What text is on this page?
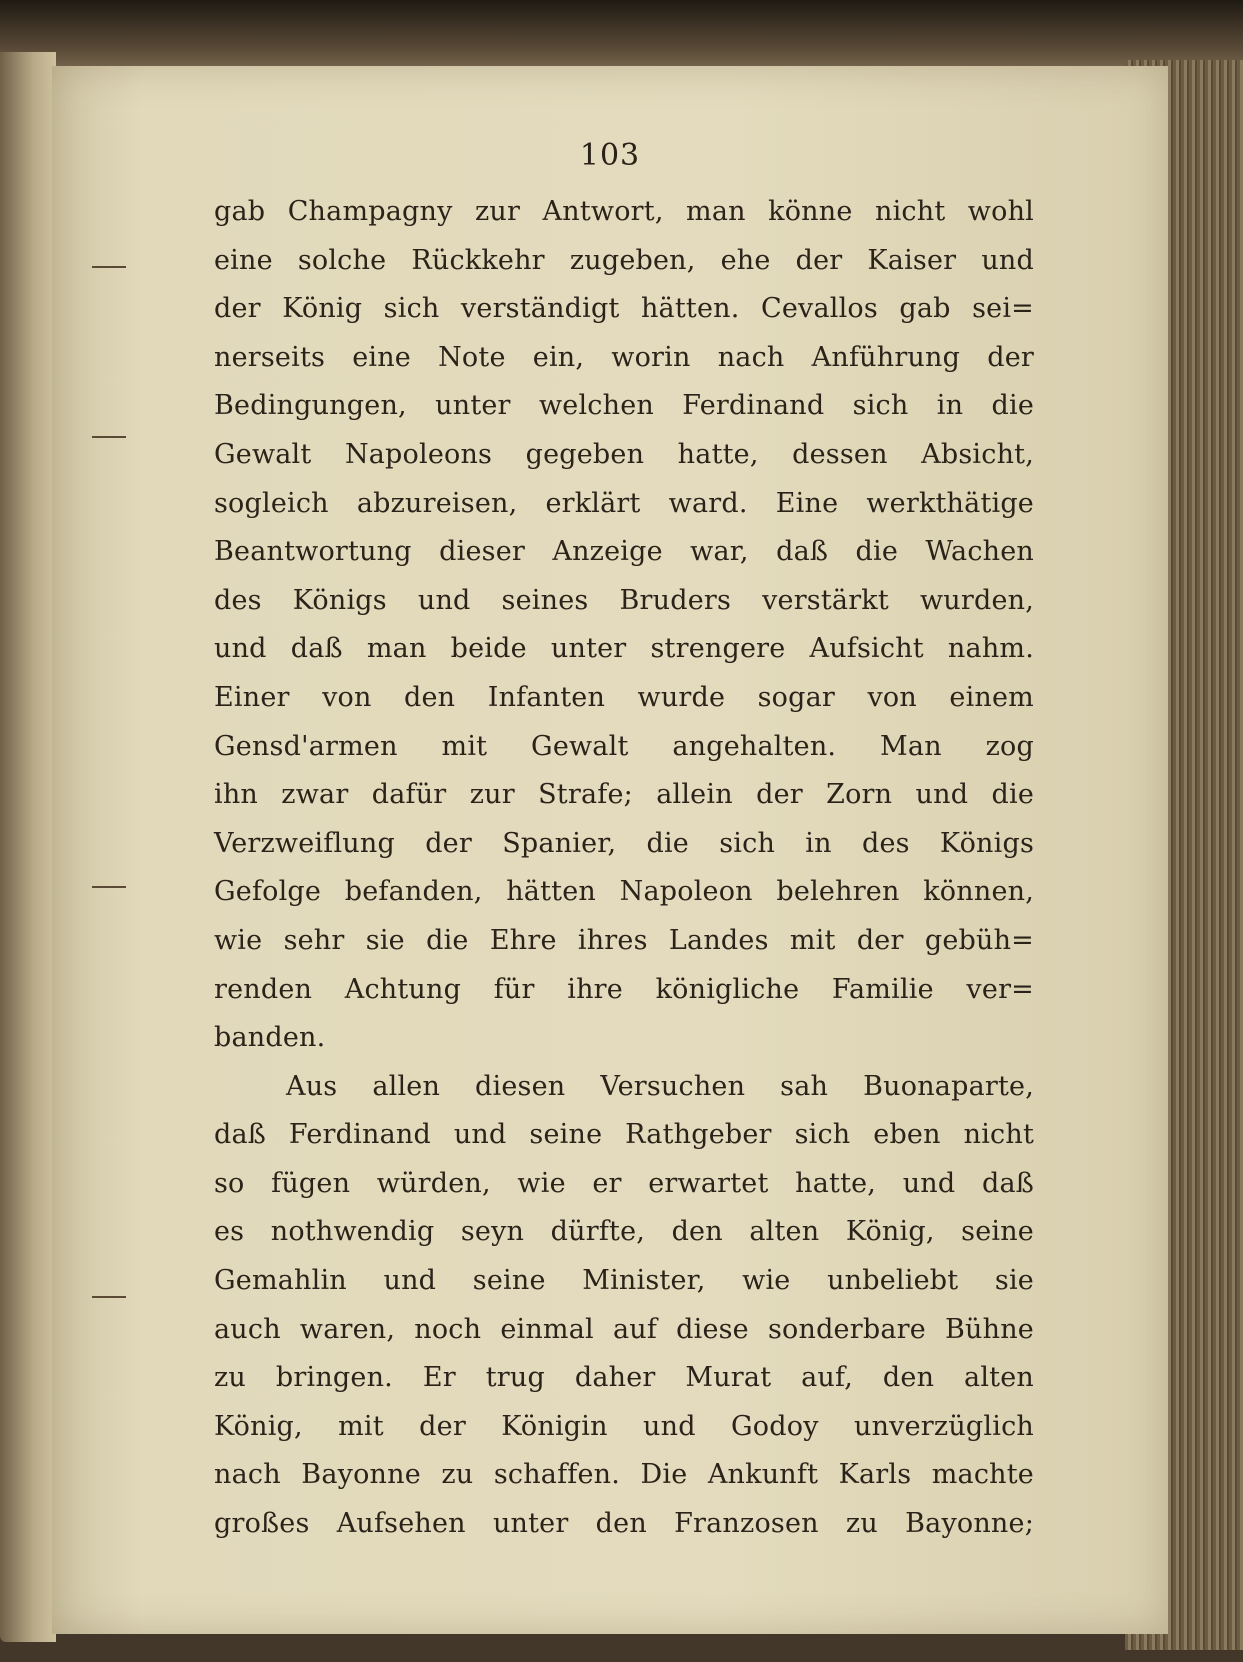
103
gab Champagny zur Antwort, man könne nicht wohl
eine solche Rückkehr zugeben, ehe der Kaiser und
der König sich verständigt hätten. Cevallos gab sei=
nerseits eine Note ein, worin nach Anführung der
Bedingungen, unter welchen Ferdinand sich in die
Gewalt Napoleons gegeben hatte, dessen Absicht,
sogleich abzureisen, erklärt ward. Eine werkthätige
Beantwortung dieser Anzeige war, daß die Wachen
des Königs und seines Bruders verstärkt wurden,
und daß man beide unter strengere Aufsicht nahm.
Einer von den Infanten wurde sogar von einem
Gensd'armen mit Gewalt angehalten. Man zog
ihn zwar dafür zur Strafe; allein der Zorn und die
Verzweiflung der Spanier, die sich in des Königs
Gefolge befanden, hätten Napoleon belehren können,
wie sehr sie die Ehre ihres Landes mit der gebüh=
renden Achtung für ihre königliche Familie ver=
banden.
Aus allen diesen Versuchen sah Buonaparte,
daß Ferdinand und seine Rathgeber sich eben nicht
so fügen würden, wie er erwartet hatte, und daß
es nothwendig seyn dürfte, den alten König, seine
Gemahlin und seine Minister, wie unbeliebt sie
auch waren, noch einmal auf diese sonderbare Bühne
zu bringen. Er trug daher Murat auf, den alten
König, mit der Königin und Godoy unverzüglich
nach Bayonne zu schaffen. Die Ankunft Karls machte
großes Aufsehen unter den Franzosen zu Bayonne;
